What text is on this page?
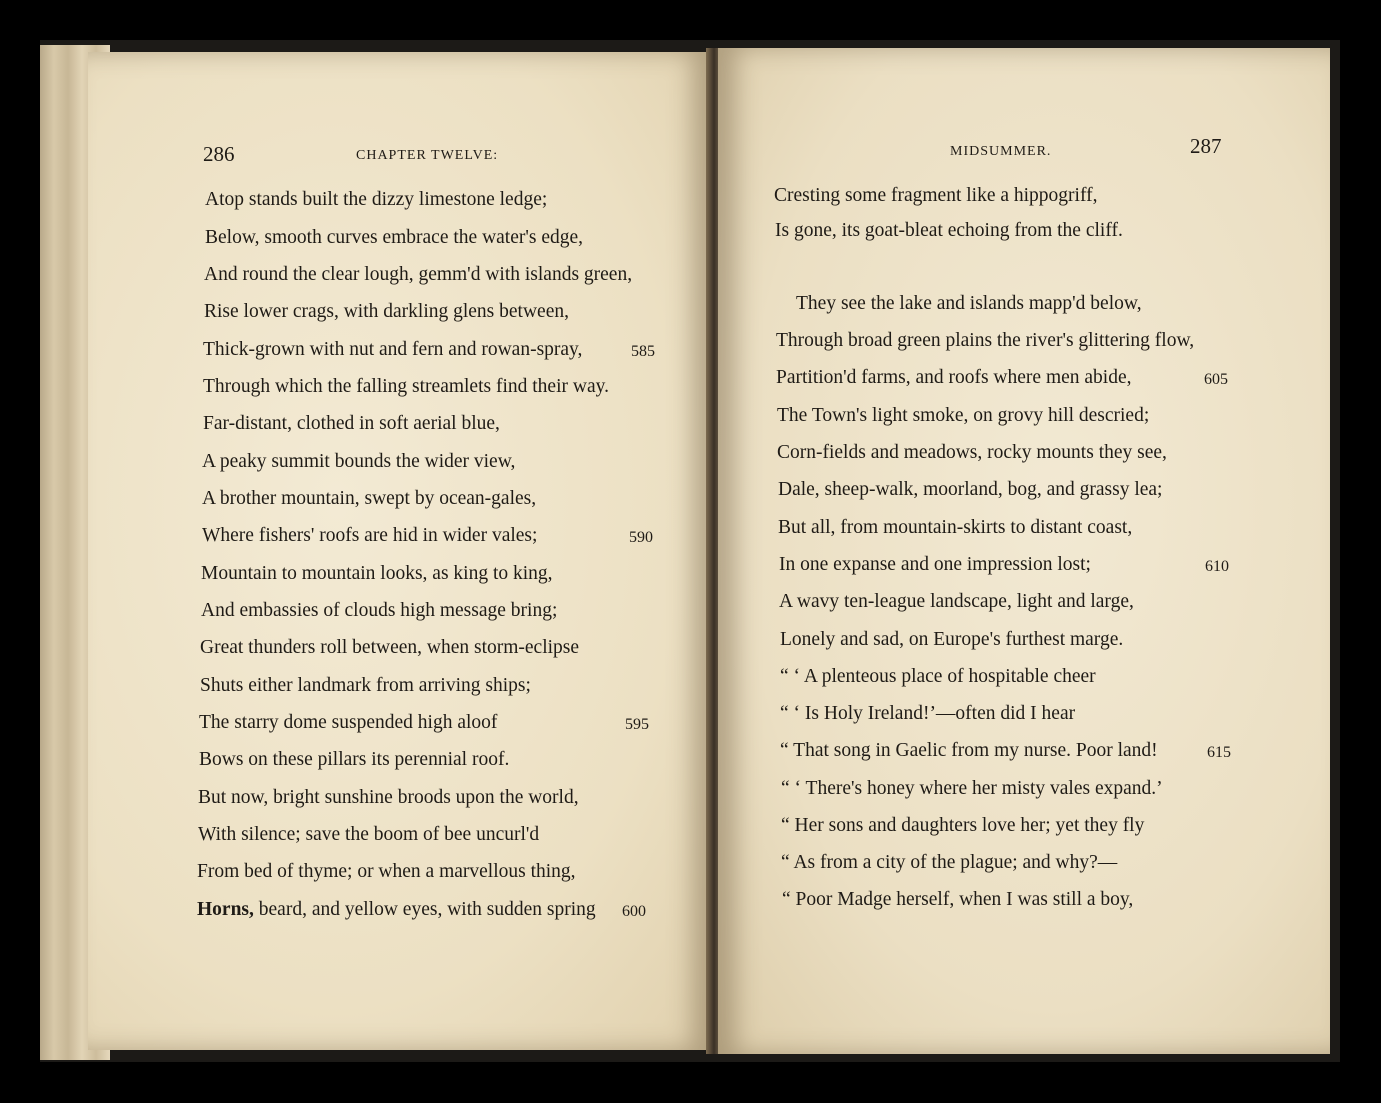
286	CHAPTER TWELVE:
Atop stands built the dizzy limestone ledge;
Below, smooth curves embrace the water's edge,
And round the clear lough, gemm'd with islands green,
Rise lower crags, with darkling glens between,
Thick-grown with nut and fern and rowan-spray,	585
Through which the falling streamlets find their way.
Far-distant, clothed in soft aerial blue,
A peaky summit bounds the wider view,
A brother mountain, swept by ocean-gales,
Where fishers' roofs are hid in wider vales;	590
Mountain to mountain looks, as king to king,
And embassies of clouds high message bring;
Great thunders roll between, when storm-eclipse
Shuts either landmark from arriving ships;
The starry dome suspended high aloof	595
Bows on these pillars its perennial roof.
But now, bright sunshine broods upon the world,
With silence; save the boom of bee uncurl'd
From bed of thyme; or when a marvellous thing,
Horns, beard, and yellow eyes, with sudden spring 600
MIDSUMMER.	287
Cresting some fragment like a hippogriff,
Is gone, its goat-bleat echoing from the cliff.
They see the lake and islands mapp'd below,
Through broad green plains the river's glittering flow,
Partition'd farms, and roofs where men abide,	605
The Town's light smoke, on grovy hill descried;
Corn-fields and meadows, rocky mounts they see,
Dale, sheep-walk, moorland, bog, and grassy lea;
But all, from mountain-skirts to distant coast,
In one expanse and one impression lost;	610
A wavy ten-league landscape, light and large,
Lonely and sad, on Europe's furthest marge.
“ ‘ A plenteous place of hospitable cheer
“ ‘ Is Holy Ireland!’—often did I hear
“ That song in Gaelic from my nurse. Poor land!	615
“ ‘ There's honey where her misty vales expand.’
“ Her sons and daughters love her; yet they fly
“ As from a city of the plague; and why?—
“ Poor Madge herself, when I was still a boy,
